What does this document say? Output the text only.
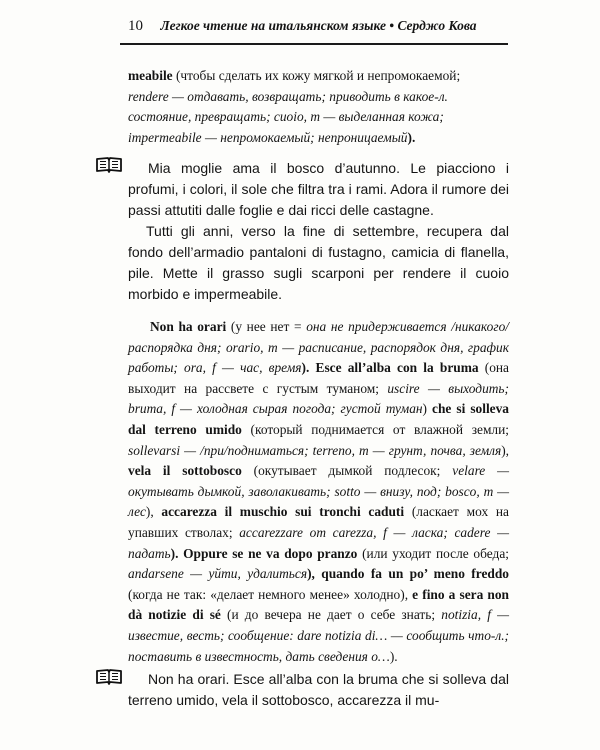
10 Легкое чтение на итальянском языке • Серджо Кова

meabile (чтобы сделать их кожу мягкой и непромокаемой;

rendere — отдавать, возвращать; приводить в какое-л.

состояние, превращать; cuoio, m — выделанная кожа;

impermeabile — непромокаемый; непроницаемый).

Mia moglie ama il bosco d’autunno. Le piacciono i profumi, i colori, il sole che filtra tra i rami. Adora il rumore dei passi attutiti dalle foglie e dai ricci delle castagne.

Tutti gli anni, verso la fine di settembre, recupera dal fondo dell’armadio pantaloni di fustagno, camicia di flanella, pile. Mette il grasso sugli scarponi per rendere il cuoio morbido e impermeabile.

Non ha orari (у нее нет = она не придерживается /никакого/ распорядка дня; orario, m — расписание, распорядок дня, график работы; ora, f — час, время). Esce all’alba con la bruma (она выходит на рассвете с густым туманом; uscire — выходить; bruma, f — холодная сырая погода; густой туман) che si solleva dal terreno umido (который поднимается от влажной земли; sollevarsi — /при/подниматься; terreno, m — грунт, почва, земля), vela il sottobosco (окутывает дымкой подлесок; velare — окутывать дымкой, заволакивать; sotto — внизу, под; bosco, m — лес), accarezza il muschio sui tronchi caduti (ласкает мох на упавших стволах; accarezzare от carezza, f — ласка; cadere — падать). Oppure se ne va dopo pranzo (или уходит после обеда; andarsene — уйти, удалиться), quando fa un po’ meno freddo (когда не так: «делает немного менее» холодно), e fino a sera non dà notizie di sé (и до вечера не дает о себе знать; notizia, f — известие, весть; сообщение: dare notizia di… — сообщить что-л.; поставить в известность, дать сведения о…).

Non ha orari. Esce all’alba con la bruma che si solleva dal terreno umido, vela il sottobosco, accarezza il mu-
